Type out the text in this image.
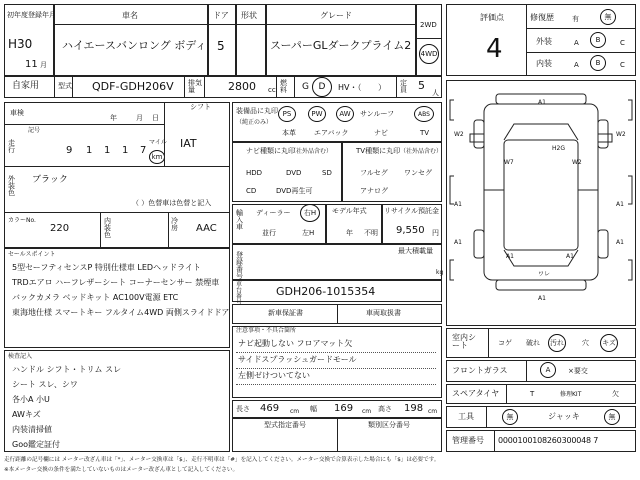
初年度登録年月
H30
11 月
車名
ハイエースバンロング ボディ
ドア
5
形状	グレード
スーパーGLダークプライム2
2WD
4WD
自家用	型式 QDF-GDH206V 排気量	2800 cc
燃料	G D HV・（ ） 定員 5
人
車検
年	月 日
走行
記号
9 1 1 1 7
マイル
km
シフト
IAT
外装色
ブラック
（ ）色替車は色替と記入
カラーNo.
220
内装色
冷房	AAC
セールスポイント
5型セーフティセンスP 特別仕様車 LEDヘッドライト
TRDエアロ ハーフレザーシート コーナーセンサー 禁煙車
バックカメラ ベッドキット AC100V電源 ETC
東海地仕様 スマートキー フルタイム4WD 両側スライドドア
検査記入
ハンドル シフト・トリム スレ
シート スレ、シワ
各小A 小U
AWキズ
内装清掃値
Goo鑑定証付
装備品に丸印
（純正のみ）
PS	PW AW サンルーフ	ABS
本革	エアバック	ナビ	TV
ナビ種類に丸印
（社外品含む）
HDD	DVD	SD
CD	DVD再生可
TV種類に丸印 （社外品含む）
フルセグ ワンセグ
アナログ
輸入車
ディーラー 右H
並行	左H
モデル年式
年 不明
リサイクル預託金
9,550 円
登録番号
最大積載量
kg
車台番号
GDH206-1015354
新車保証書	車両取扱書
注意事項・不具合箇所
ナビ起動しない フロアマット欠
サイドスプラッシュガードモール
左側ゼけついてない
長さ 469 cm 幅 169 cm 高さ 198 cm
型式指定番号	類別区分番号
評価点
4
修復歴	有	無
外装	A B	C
内装	A B	C
A1
W2	W2
W7	W2
H2G
A1	A1
A1	A1
A1	A1
ワレ
A1
室内シート	コゲ 破れ 汚れ	穴 キズ
フロントガラス	A	×要交
スペアタイヤ	T	修理KIT	欠
工具	無	ジャッキ	無
管理番号 0000100108260300048 7
走行距離の記号欄には メーター改ざん車は「*」、メーター交換車は「$」、走行不明車は「#」を記入してください。メーター交換で合算表示した場合にも「$」は必要です。
※本メーター交換の条件を満たしていないものはメーター改ざん車として記入してください。
